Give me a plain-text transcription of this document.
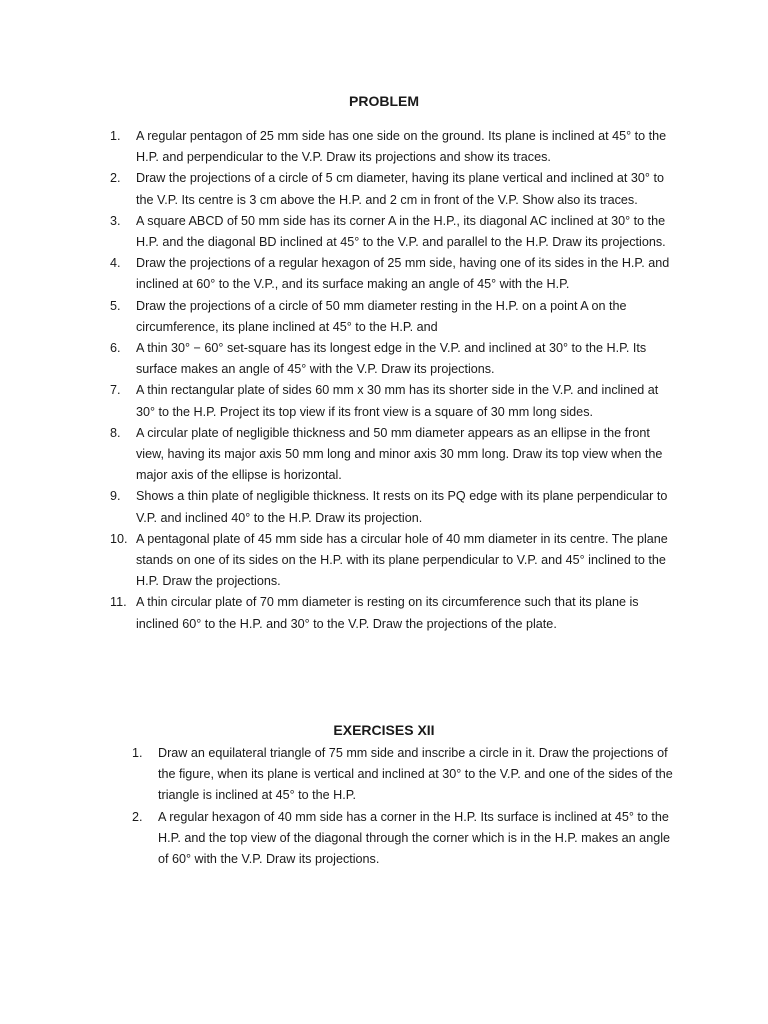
PROBLEM
1. A regular pentagon of 25 mm side has one side on the ground. Its plane is inclined at 45° to the H.P. and perpendicular to the V.P. Draw its projections and show its traces.
2. Draw the projections of a circle of 5 cm diameter, having its plane vertical and inclined at 30° to the V.P. Its centre is 3 cm above the H.P. and 2 cm in front of the V.P. Show also its traces.
3. A square ABCD of 50 mm side has its corner A in the H.P., its diagonal AC inclined at 30° to the H.P. and the diagonal BD inclined at 45° to the V.P. and parallel to the H.P. Draw its projections.
4. Draw the projections of a regular hexagon of 25 mm side, having one of its sides in the H.P. and inclined at 60° to the V.P., and its surface making an angle of 45° with the H.P.
5. Draw the projections of a circle of 50 mm diameter resting in the H.P. on a point A on the circumference, its plane inclined at 45° to the H.P. and
6. A thin 30° − 60° set-square has its longest edge in the V.P. and inclined at 30° to the H.P. Its surface makes an angle of 45° with the V.P. Draw its projections.
7. A thin rectangular plate of sides 60 mm x 30 mm has its shorter side in the V.P. and inclined at 30° to the H.P. Project its top view if its front view is a square of 30 mm long sides.
8. A circular plate of negligible thickness and 50 mm diameter appears as an ellipse in the front view, having its major axis 50 mm long and minor axis 30 mm long. Draw its top view when the major axis of the ellipse is horizontal.
9. Shows a thin plate of negligible thickness. It rests on its PQ edge with its plane perpendicular to V.P. and inclined 40° to the H.P. Draw its projection.
10. A pentagonal plate of 45 mm side has a circular hole of 40 mm diameter in its centre. The plane stands on one of its sides on the H.P. with its plane perpendicular to V.P. and 45° inclined to the H.P. Draw the projections.
11. A thin circular plate of 70 mm diameter is resting on its circumference such that its plane is inclined 60° to the H.P. and 30° to the V.P. Draw the projections of the plate.
EXERCISES XII
1. Draw an equilateral triangle of 75 mm side and inscribe a circle in it. Draw the projections of the figure, when its plane is vertical and inclined at 30° to the V.P. and one of the sides of the triangle is inclined at 45° to the H.P.
2. A regular hexagon of 40 mm side has a corner in the H.P. Its surface is inclined at 45° to the H.P. and the top view of the diagonal through the corner which is in the H.P. makes an angle of 60° with the V.P. Draw its projections.
